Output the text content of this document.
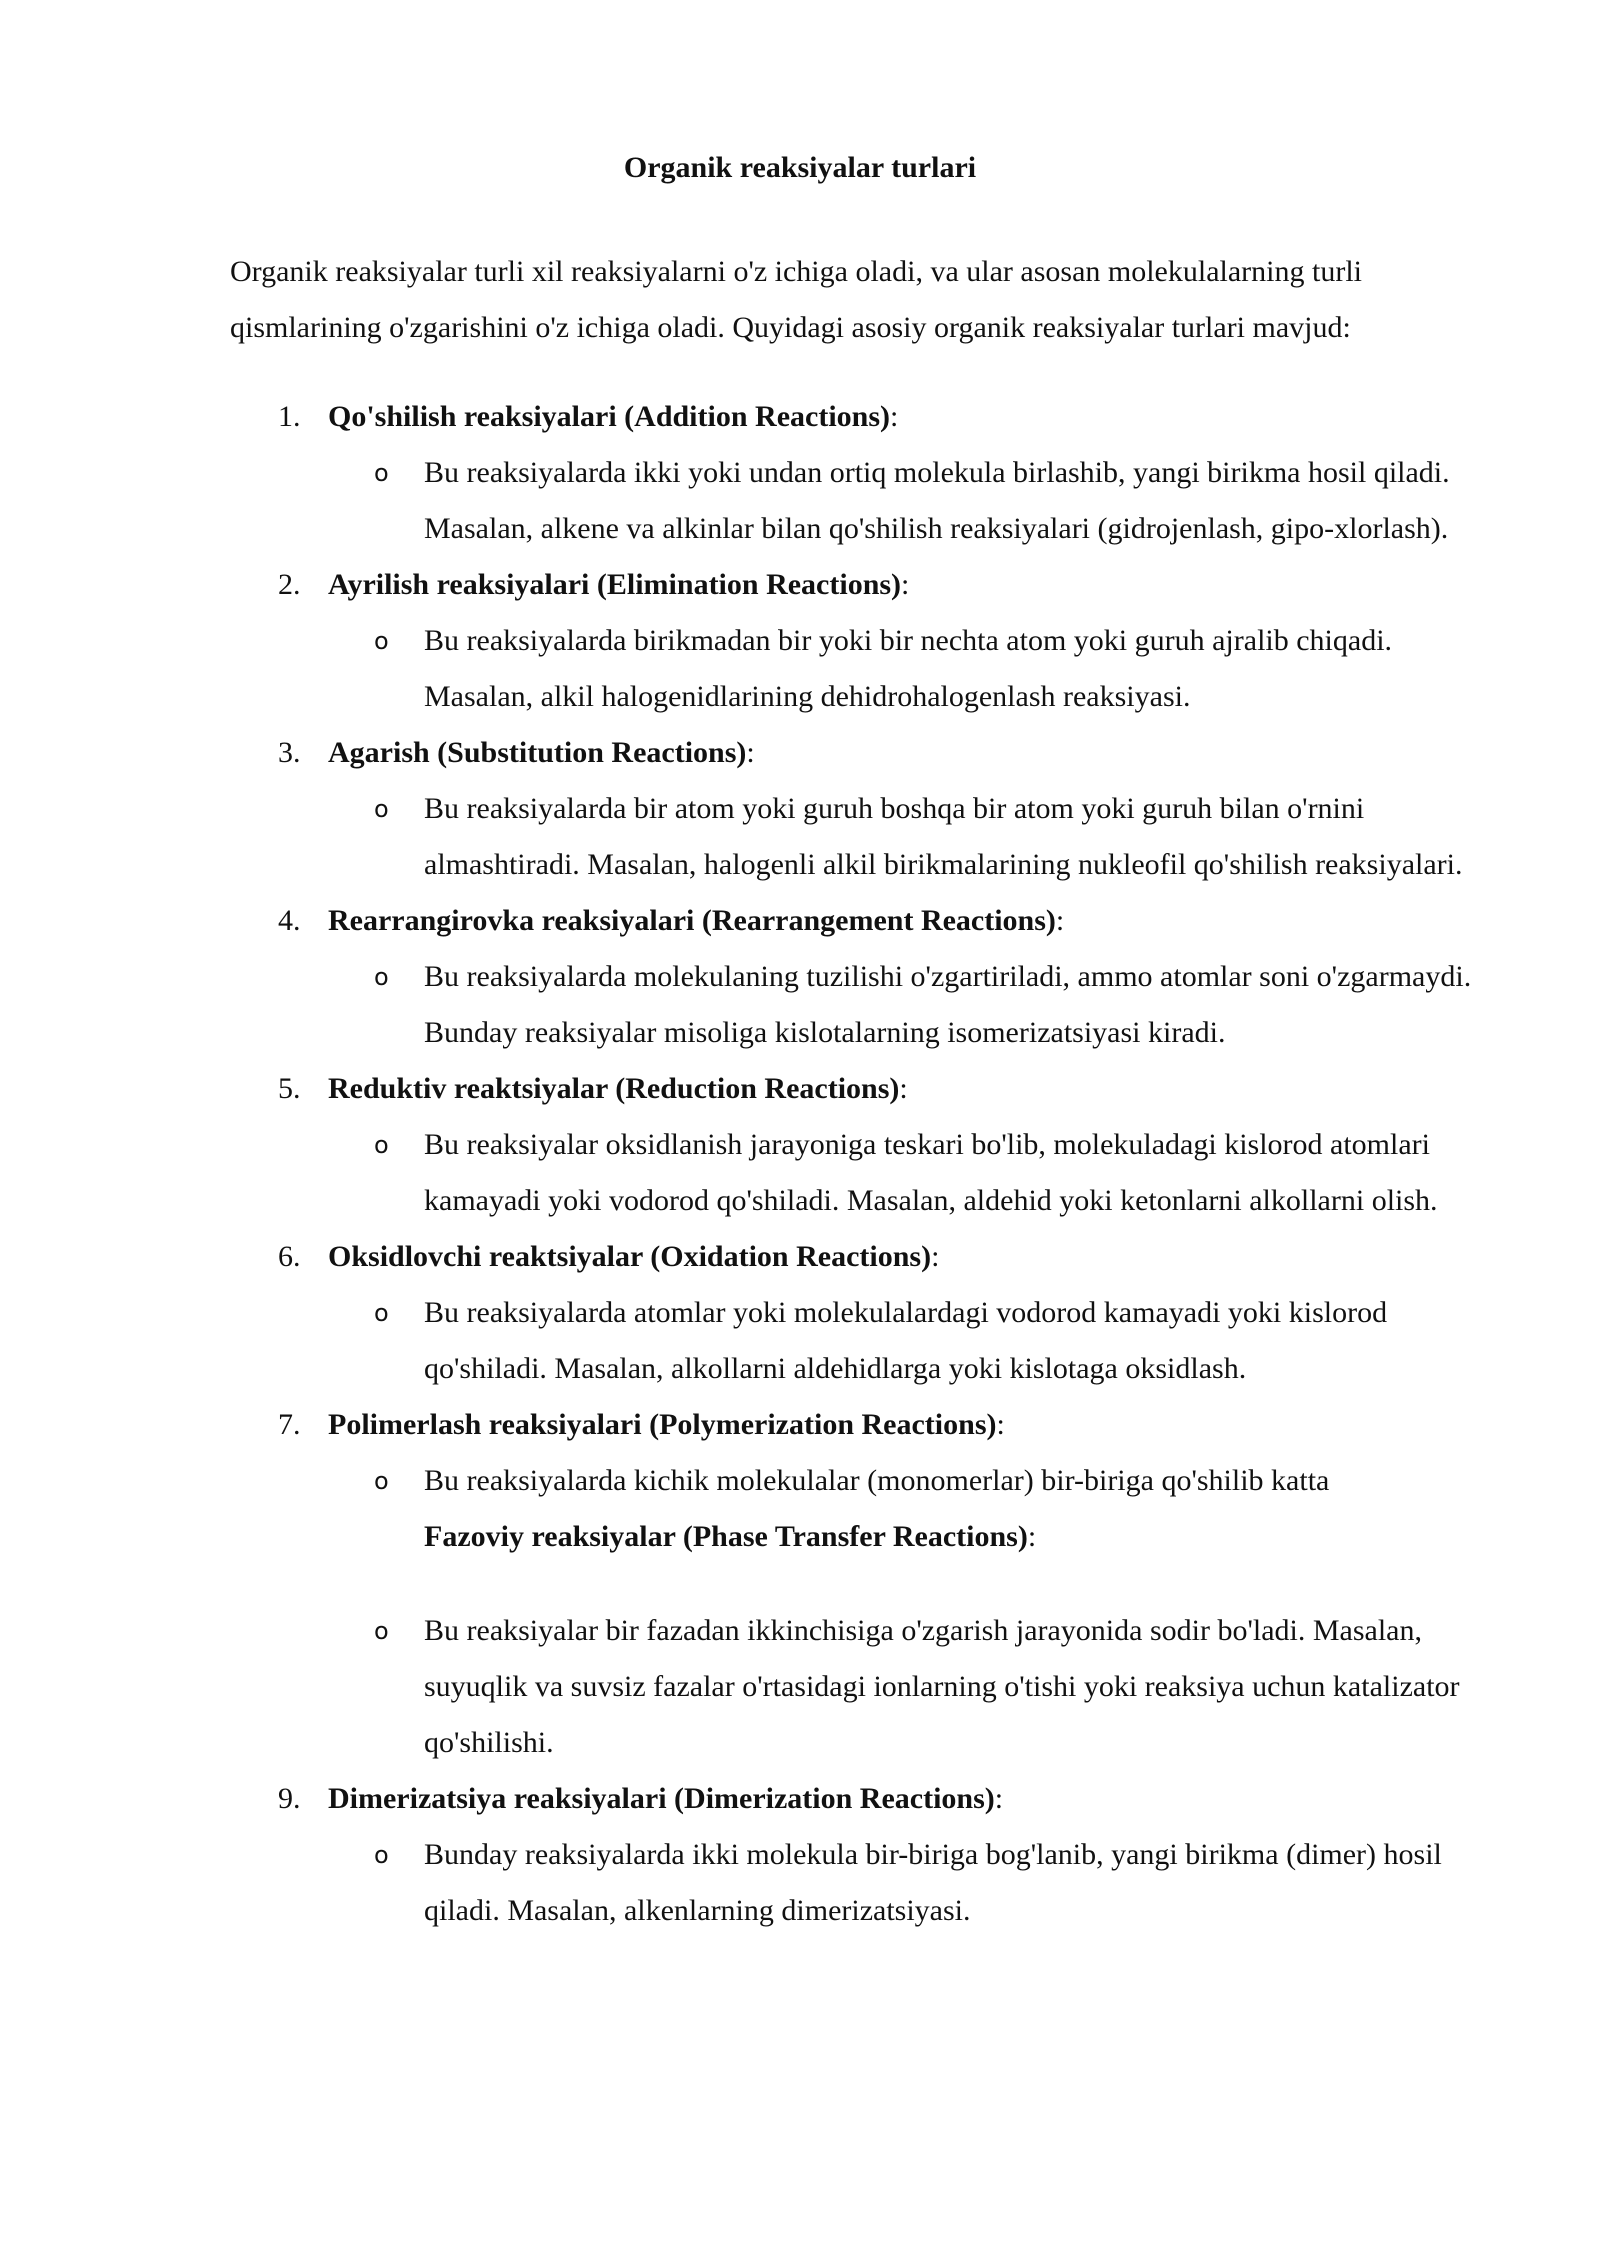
Organik reaksiyalar turlari

Organik reaksiyalar turli xil reaksiyalarni o'z ichiga oladi, va ular asosan molekulalarning turli qismlarining o'zgarishini o'z ichiga oladi. Quyidagi asosiy organik reaksiyalar turlari mavjud:

1. Qo'shilish reaksiyalari (Addition Reactions):
o Bu reaksiyalarda ikki yoki undan ortiq molekula birlashib, yangi birikma hosil qiladi. Masalan, alkene va alkinlar bilan qo'shilish reaksiyalari (gidrojenlash, gipo-xlorlash).
2. Ayrilish reaksiyalari (Elimination Reactions):
o Bu reaksiyalarda birikmadan bir yoki bir nechta atom yoki guruh ajralib chiqadi. Masalan, alkil halogenidlarining dehidrohalogenlash reaksiyasi.
3. Agarish (Substitution Reactions):
o Bu reaksiyalarda bir atom yoki guruh boshqa bir atom yoki guruh bilan o'rnini almashtiradi. Masalan, halogenli alkil birikmalarining nukleofil qo'shilish reaksiyalari.
4. Rearrangirovka reaksiyalari (Rearrangement Reactions):
o Bu reaksiyalarda molekulaning tuzilishi o'zgartiriladi, ammo atomlar soni o'zgarmaydi. Bunday reaksiyalar misoliga kislotalarning isomerizatsiyasi kiradi.
5. Reduktiv reaktsiyalar (Reduction Reactions):
o Bu reaksiyalar oksidlanish jarayoniga teskari bo'lib, molekuladagi kislorod atomlari kamayadi yoki vodorod qo'shiladi. Masalan, aldehid yoki ketonlarni alkollarni olish.
6. Oksidlovchi reaktsiyalar (Oxidation Reactions):
o Bu reaksiyalarda atomlar yoki molekulalardagi vodorod kamayadi yoki kislorod qo'shiladi. Masalan, alkollarni aldehidlarga yoki kislotaga oksidlash.
7. Polimerlash reaksiyalari (Polymerization Reactions):
o Bu reaksiyalarda kichik molekulalar (monomerlar) bir-biriga qo'shilib katta
Fazoviy reaksiyalar (Phase Transfer Reactions):
o Bu reaksiyalar bir fazadan ikkinchisiga o'zgarish jarayonida sodir bo'ladi. Masalan, suyuqlik va suvsiz fazalar o'rtasidagi ionlarning o'tishi yoki reaksiya uchun katalizator qo'shilishi.
9. Dimerizatsiya reaksiyalari (Dimerization Reactions):
o Bunday reaksiyalarda ikki molekula bir-biriga bog'lanib, yangi birikma (dimer) hosil qiladi. Masalan, alkenlarning dimerizatsiyasi.
